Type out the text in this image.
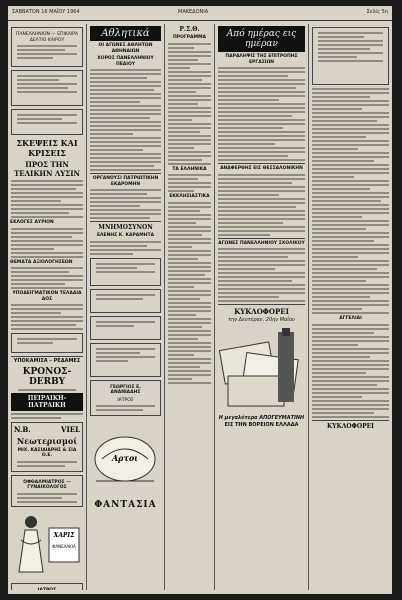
ΣΑΒΒΑΤΟΝ 16 ΜΑΪΟΥ 1964	ΜΑΚΕΔΟΝΙΑ	Σελίς 5η
ΠΑΝΕΛΛΗΝΙΟΝ — ΕΠΙΚΑΙΡΑ ΔΕΛΤΙΟ ΚΑΙΡΟΥ
ΣΚΕΨΕΙΣ ΚΑΙ ΚΡΙΣΕΙΣ
ΠΡΟΣ ΤΗΝ ΤΕΛΙΚΗΝ ΛΥΣΙΝ
ΕΚΛΟΓΕΣ ΑΥΡΙΟΝ
ΘΕΜΑΤΑ ΑΞΙΟΛΟΓΗΣΕΩΝ
ΥΠΟΔΕΙΓΜΑΤΙΚΟΝ ΤΕΛΑΔΙΑ ΔΟΣ
ΥΠΟΚΑΜΙΣΑ – ΡΕΔΑΜΕΣ
ΚΡΟΝΟΣ-DERBY
ΠΕΙΡΑΙΚΗ-ΠΑΤΡΑΙΚΗ
N.B.	VIEL
Νεωτερισμοί
ΜΙΧ. ΚΑΣΙΔΙΑΡΗΣ & ΣΙΑ Ο.Ε.
ΟΦΘΑΛΜΙΑΤΡΟΣ — ΓΥΝΑΙΚΟΛΟΓΟΣ
ΧΑΡΙΣ
ΦΑΝΕΛΑΚΙΑ
ΙΑΤΡΟΣ
Αθλητικά
ΟΙ ΑΓΩΝΕΣ ΑΘΛΗΤΩΝ ΑΘΗΝΑΙΩΝ
ΧΟΡΟΣ ΠΑΝΕΛΛΗΝΙΟΥ ΠΕΔΙΟΥ
ΟΡΓΑΝΟΥΣΙ ΠΑΤΡΙΩΤΙΚΗΝ ΕΚΔΡΟΜΗΝ
ΜΝΗΜΟΣΥΝΟΝ
ΕΛΕΝΗΣ Κ. ΚΑΡΑΜΗΤΑ
ΓΕΩΡΓΙΟΣ Ε. ΑΝΑΝΙΑΔΗΣ
ΙΑΤΡΟΣ
Αρτοι
ΦΑΝΤΑΣΙΑ
Ρ.Σ.Θ.
ΠΡΟΓΡΑΜΜΑ
ΤΑ ΕΛΛΗΝΙΚΑ
ΕΚΚΛΗΣΙΑΣΤΙΚΑ
Από ημέρας εις ημέραν
ΠΑΡΑΛΗΨΙΣ ΤΗΣ ΕΠΙΤΡΟΠΗΣ ΕΡΓΑΣΙΩΝ
ΑΝΑΦΕΡΘΗΣ ΕΙΣ ΘΕΣΣΑΛΟΝΙΚΗΝ
ΑΓΩΝΕΣ ΠΑΝΕΛΛΗΝΙΟΥ ΣΧΟΛΙΚΟΥ
ΚΥΚΛΟΦΟΡΕΙ
την Δευτέραν, 20ην Μαΐου
Η μεγαλύτερα ΑΠΟΓΕΥΜΑΤΙΝΗ
ΕΙΣ ΤΗΝ ΒΟΡΕΙΟΝ ΕΛΛΑΔΑ
ΑΓΓΕΛΙΑΙ
ΚΥΚΛΟΦΟΡΕΙ
